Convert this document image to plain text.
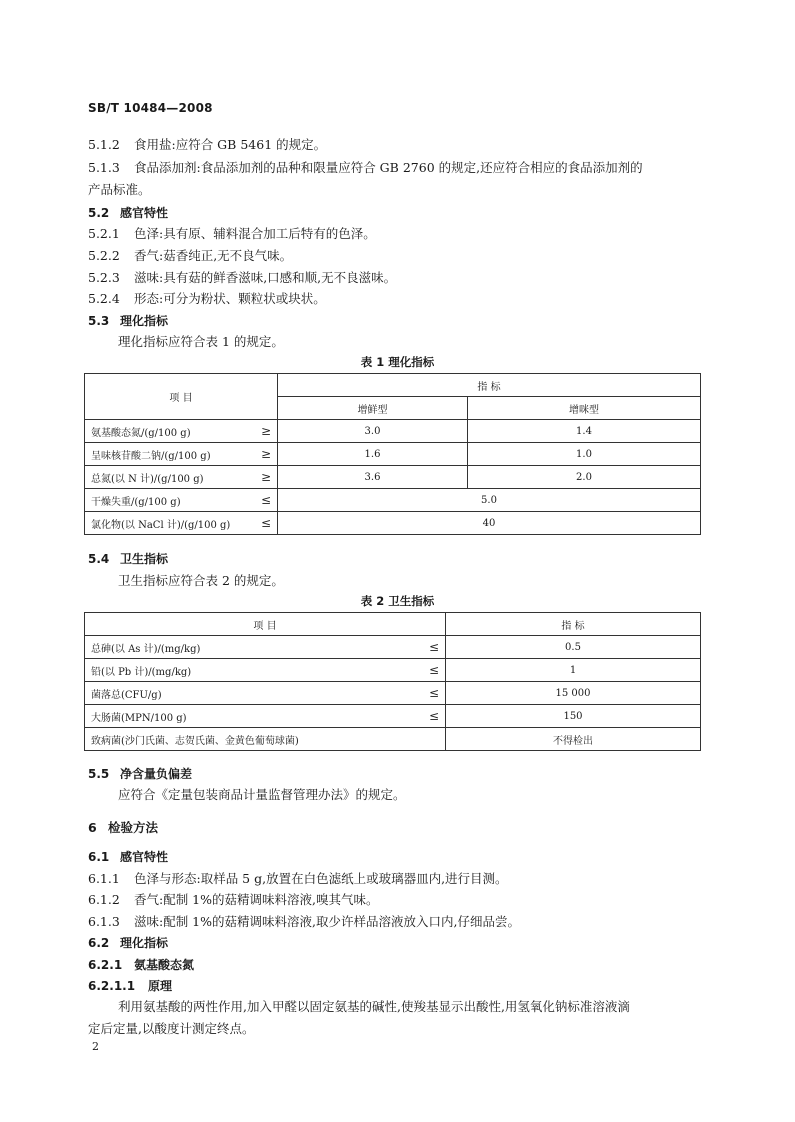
SB/T 10484—2008
5.1.2 食用盐:应符合 GB 5461 的规定。
5.1.3 食品添加剂:食品添加剂的品种和限量应符合 GB 2760 的规定,还应符合相应的食品添加剂的
产品标准。
5.2 感官特性
5.2.1 色泽:具有原、辅料混合加工后特有的色泽。
5.2.2 香气:菇香纯正,无不良气味。
5.2.3 滋味:具有菇的鲜香滋味,口感和顺,无不良滋味。
5.2.4 形态:可分为粉状、颗粒状或块状。
5.3 理化指标
理化指标应符合表 1 的规定。
表 1 理化指标
项 目	指 标	
	增鲜型	增咪型
氨基酸态氮/(g/100 g) ≥	3.0	1.4
呈味核苷酸二钠/(g/100 g) ≥	1.6	1.0
总氮(以 N 计)/(g/100 g) ≥	3.6	2.0
干燥失重/(g/100 g) ≤	5.0	
氯化物(以 NaCl 计)/(g/100 g) ≤	40	
5.4 卫生指标
卫生指标应符合表 2 的规定。
表 2 卫生指标
项 目	指 标
总砷(以 As 计)/(mg/kg) ≤	0.5
铅(以 Pb 计)/(mg/kg) ≤	1
菌落总(CFU/g) ≤	15 000
大肠菌(MPN/100 g) ≤	150
致病菌(沙门氏菌、志贺氏菌、金黄色葡萄球菌)	不得检出
5.5 净含量负偏差
应符合《定量包装商品计量监督管理办法》的规定。
6 检验方法
6.1 感官特性
6.1.1 色泽与形态:取样品 5 g,放置在白色滤纸上或玻璃器皿内,进行目测。
6.1.2 香气:配制 1%的菇精调味料溶液,嗅其气味。
6.1.3 滋味:配制 1%的菇精调味料溶液,取少许样品溶液放入口内,仔细品尝。
6.2 理化指标
6.2.1 氨基酸态氮
6.2.1.1 原理
利用氨基酸的两性作用,加入甲醛以固定氨基的碱性,使羧基显示出酸性,用氢氧化钠标准溶液滴
定后定量,以酸度计测定终点。
2
